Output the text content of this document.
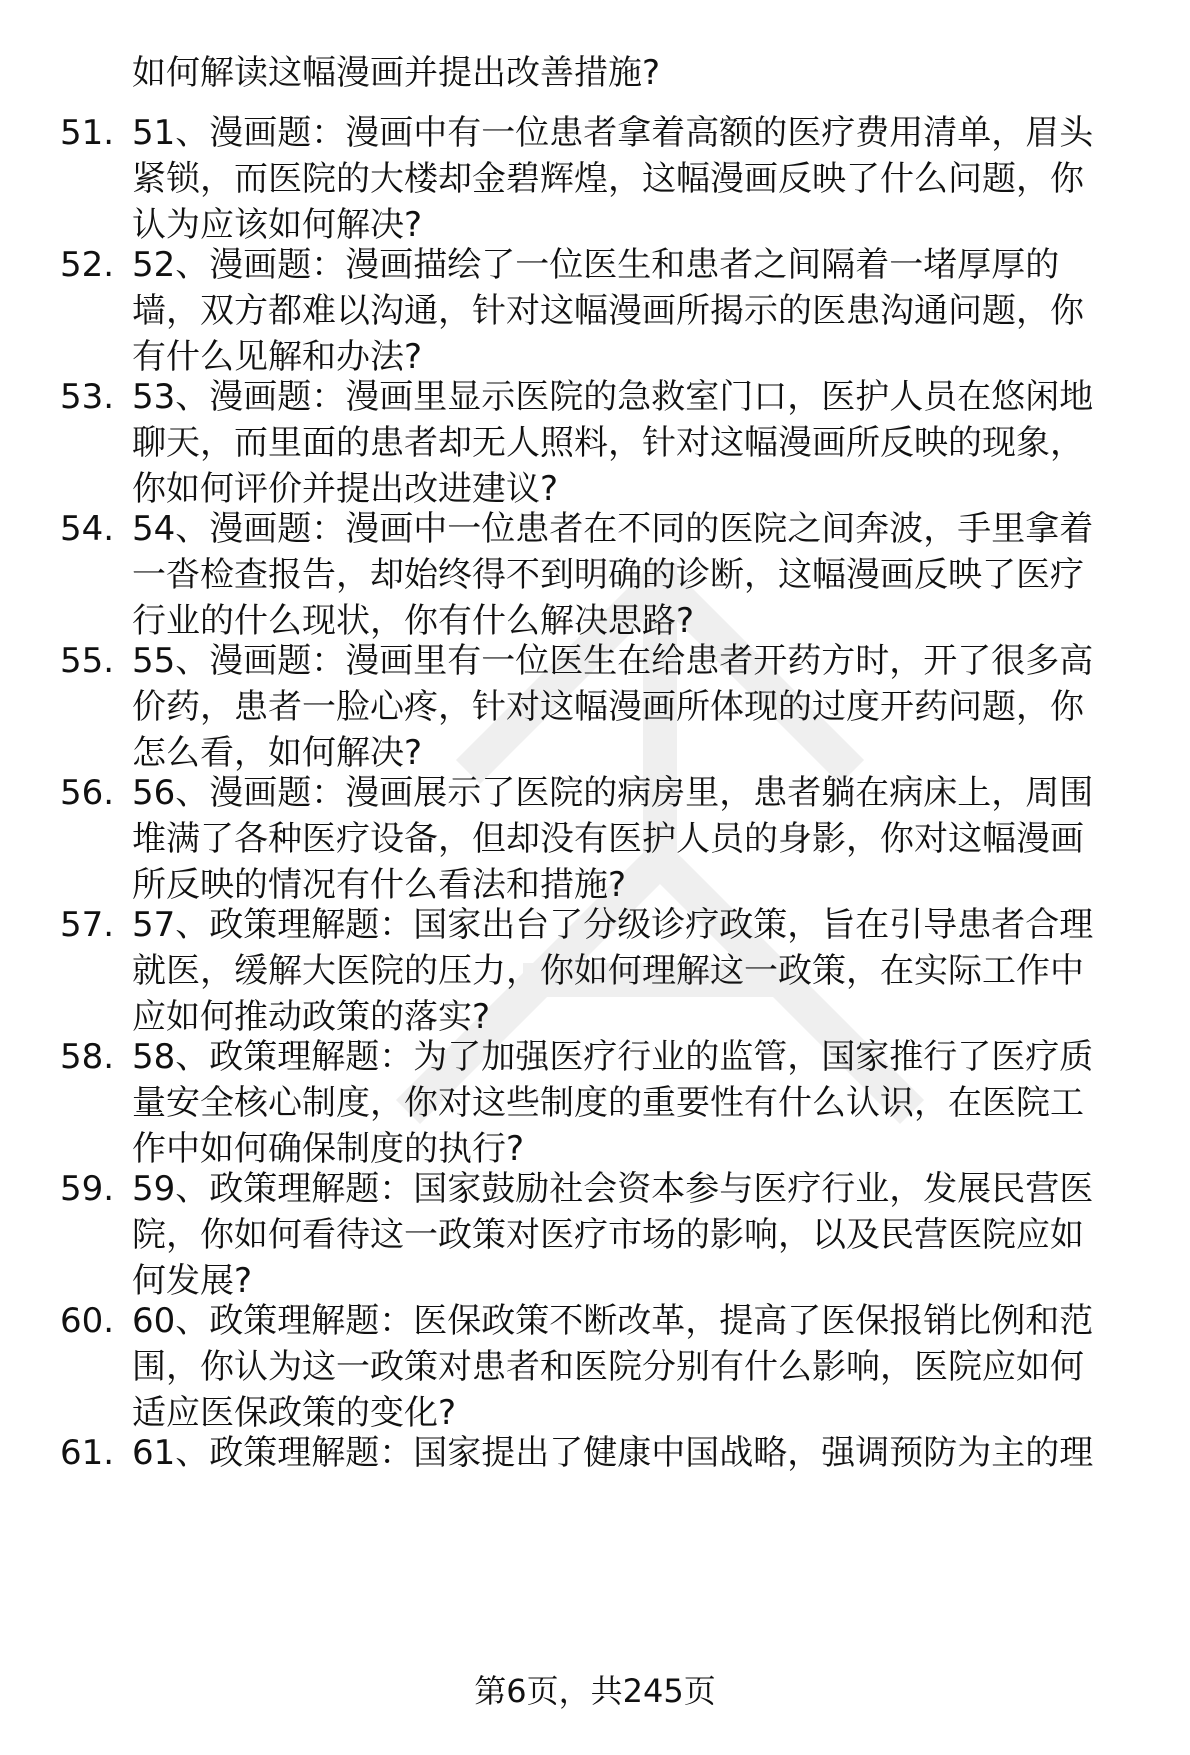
如何解读这幅漫画并提出改善措施?
51. 51、漫画题：漫画中有一位患者拿着高额的医疗费用清单，眉头
紧锁，而医院的大楼却金碧辉煌，这幅漫画反映了什么问题，你
认为应该如何解决?
52. 52、漫画题：漫画描绘了一位医生和患者之间隔着一堵厚厚的
墙，双方都难以沟通，针对这幅漫画所揭示的医患沟通问题，你
有什么见解和办法?
53. 53、漫画题：漫画里显示医院的急救室门口，医护人员在悠闲地
聊天，而里面的患者却无人照料，针对这幅漫画所反映的现象，
你如何评价并提出改进建议?
54. 54、漫画题：漫画中一位患者在不同的医院之间奔波，手里拿着
一沓检查报告，却始终得不到明确的诊断，这幅漫画反映了医疗
行业的什么现状，你有什么解决思路?
55. 55、漫画题：漫画里有一位医生在给患者开药方时，开了很多高
价药，患者一脸心疼，针对这幅漫画所体现的过度开药问题，你
怎么看，如何解决?
56. 56、漫画题：漫画展示了医院的病房里，患者躺在病床上，周围
堆满了各种医疗设备，但却没有医护人员的身影，你对这幅漫画
所反映的情况有什么看法和措施?
57. 57、政策理解题：国家出台了分级诊疗政策，旨在引导患者合理
就医，缓解大医院的压力，你如何理解这一政策，在实际工作中
应如何推动政策的落实?
58. 58、政策理解题：为了加强医疗行业的监管，国家推行了医疗质
量安全核心制度，你对这些制度的重要性有什么认识，在医院工
作中如何确保制度的执行?
59. 59、政策理解题：国家鼓励社会资本参与医疗行业，发展民营医
院，你如何看待这一政策对医疗市场的影响，以及民营医院应如
何发展?
60. 60、政策理解题：医保政策不断改革，提高了医保报销比例和范
围，你认为这一政策对患者和医院分别有什么影响，医院应如何
适应医保政策的变化?
61. 61、政策理解题：国家提出了健康中国战略，强调预防为主的理
第6页，共245页
